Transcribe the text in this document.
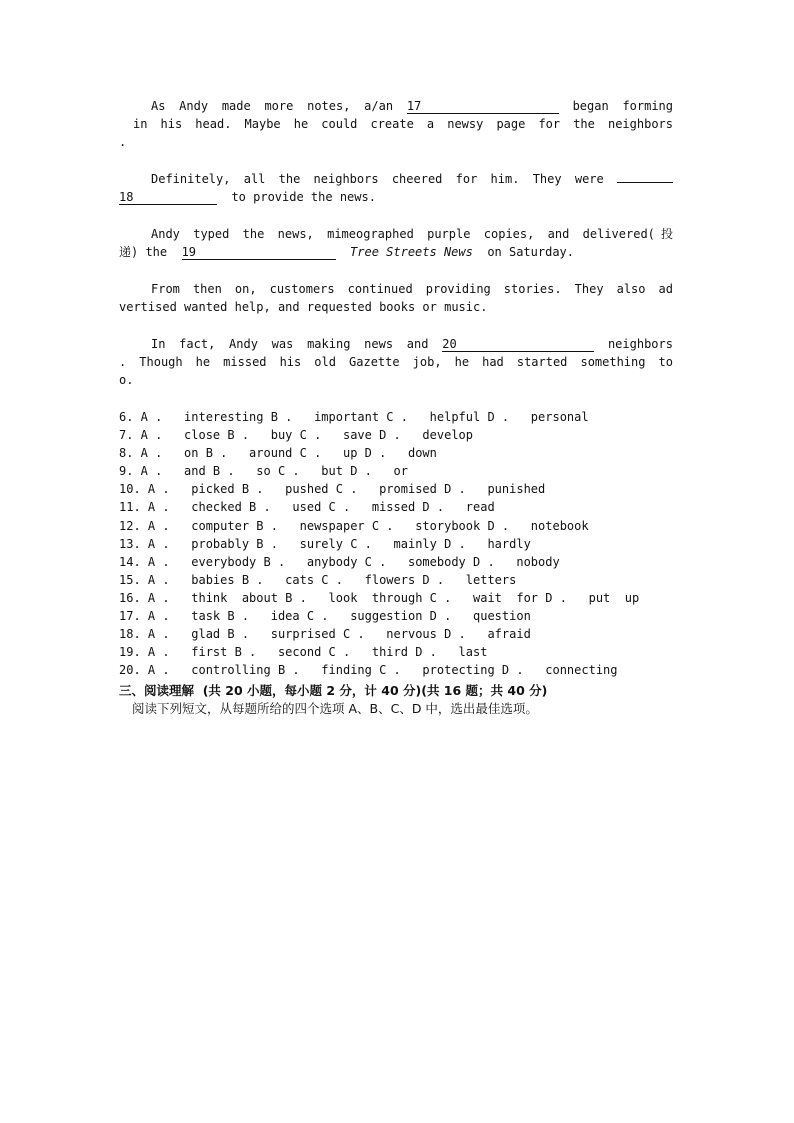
As Andy made more notes, a/an 17	began forming
in his head. Maybe he could create a newsy page for the neighbors
.
Definitely, all the neighbors cheered for him. They were
18	to provide the news.
Andy typed the news, mimeographed purple copies, and delivered(投
递) the 19	Tree Streets News on Saturday.
From then on, customers continued providing stories. They also ad
vertised wanted help, and requested books or music.
In fact, Andy was making news and 20	neighbors
. Though he missed his old Gazette job, he had started something to
o.
6. A .   interesting B .   important C .   helpful D .   personal
7. A .   close B .   buy C .   save D .   develop
8. A .   on B .   around C .   up D .   down
9. A .   and B .   so C .   but D .   or
10. A .   picked B .   pushed C .   promised D .   punished
11. A .   checked B .   used C .   missed D .   read
12. A .   computer B .   newspaper C .   storybook D .   notebook
13. A .   probably B .   surely C .   mainly D .   hardly
14. A .   everybody B .   anybody C .   somebody D .   nobody
15. A .   babies B .   cats C .   flowers D .   letters
16. A .   think  about B .   look  through C .   wait  for D .   put  up
17. A .   task B .   idea C .   suggestion D .   question
18. A .   glad B .   surprised C .   nervous D .   afraid
19. A .   first B .   second C .   third D .   last
20. A .   controlling B .   finding C .   protecting D .   connecting
三、阅读理解  (共 20 小题，每小题 2 分，计 40 分)(共 16 题；共 40 分)
阅读下列短文，从每题所给的四个选项 A、B、C、D 中，选出最佳选项。
